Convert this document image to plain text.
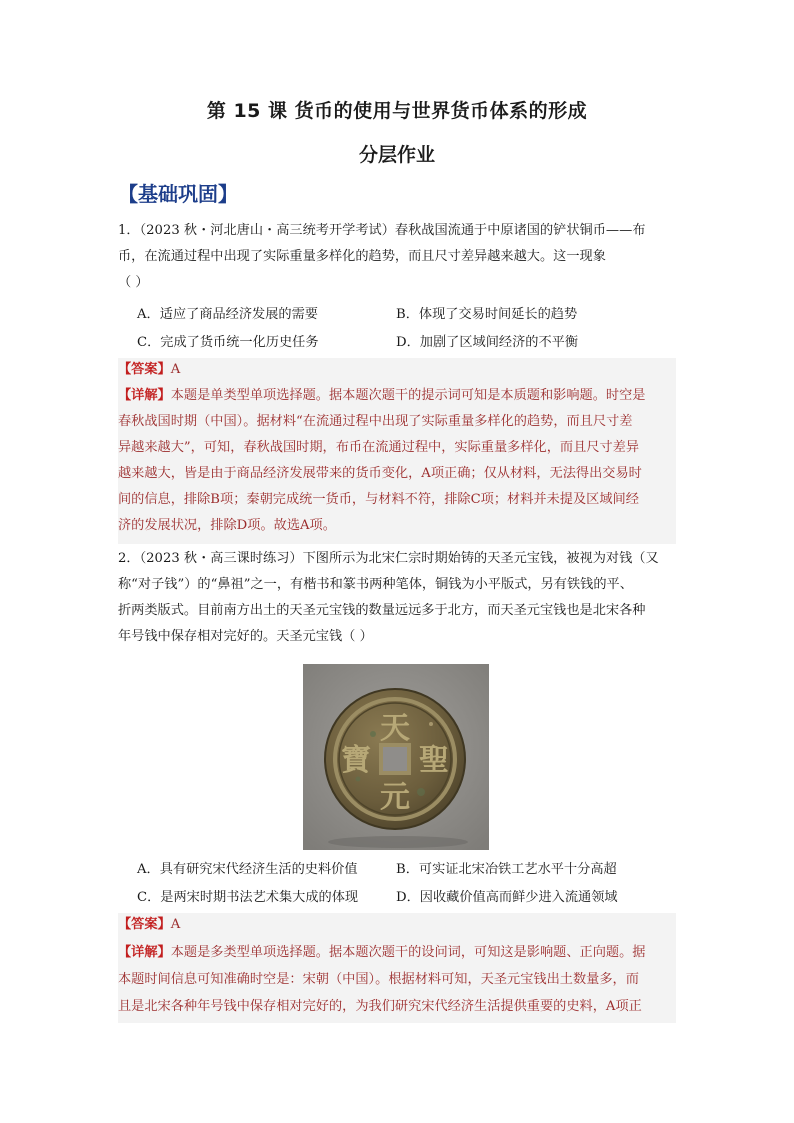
第 15 课 货币的使用与世界货币体系的形成
分层作业
【基础巩固】
1．（2023 秋・河北唐山・高三统考开学考试）春秋战国流通于中原诸国的铲状铜币——布
币，在流通过程中出现了实际重量多样化的趋势，而且尺寸差异越来越大。这一现象
（ ）
A．适应了商品经济发展的需要	B．体现了交易时间延长的趋势
C．完成了货币统一化历史任务	D．加剧了区域间经济的不平衡
【答案】A
【详解】本题是单类型单项选择题。据本题次题干的提示词可知是本质题和影响题。时空是
春秋战国时期（中国）。据材料“在流通过程中出现了实际重量多样化的趋势，而且尺寸差
异越来越大”，可知，春秋战国时期，布币在流通过程中，实际重量多样化，而且尺寸差异
越来越大，皆是由于商品经济发展带来的货币变化，A项正确；仅从材料，无法得出交易时
间的信息，排除B项；秦朝完成统一货币，与材料不符，排除C项；材料并未提及区域间经
济的发展状况，排除D项。故选A项。
2．（2023 秋・高三课时练习）下图所示为北宋仁宗时期始铸的天圣元宝钱，被视为对钱（又
称“对子钱”）的“鼻祖”之一，有楷书和篆书两种笔体，铜钱为小平版式，另有铁钱的平、
折两类版式。目前南方出土的天圣元宝钱的数量远远多于北方，而天圣元宝钱也是北宋各种
年号钱中保存相对完好的。天圣元宝钱（ ）
天
聖
元
寶
A．具有研究宋代经济生活的史料价值	B．可实证北宋冶铁工艺水平十分高超
C．是两宋时期书法艺术集大成的体现	D．因收藏价值高而鲜少进入流通领域
【答案】A
【详解】本题是多类型单项选择题。据本题次题干的设问词，可知这是影响题、正向题。据
本题时间信息可知准确时空是：宋朝（中国）。根据材料可知，天圣元宝钱出土数量多，而
且是北宋各种年号钱中保存相对完好的，为我们研究宋代经济生活提供重要的史料，A项正
